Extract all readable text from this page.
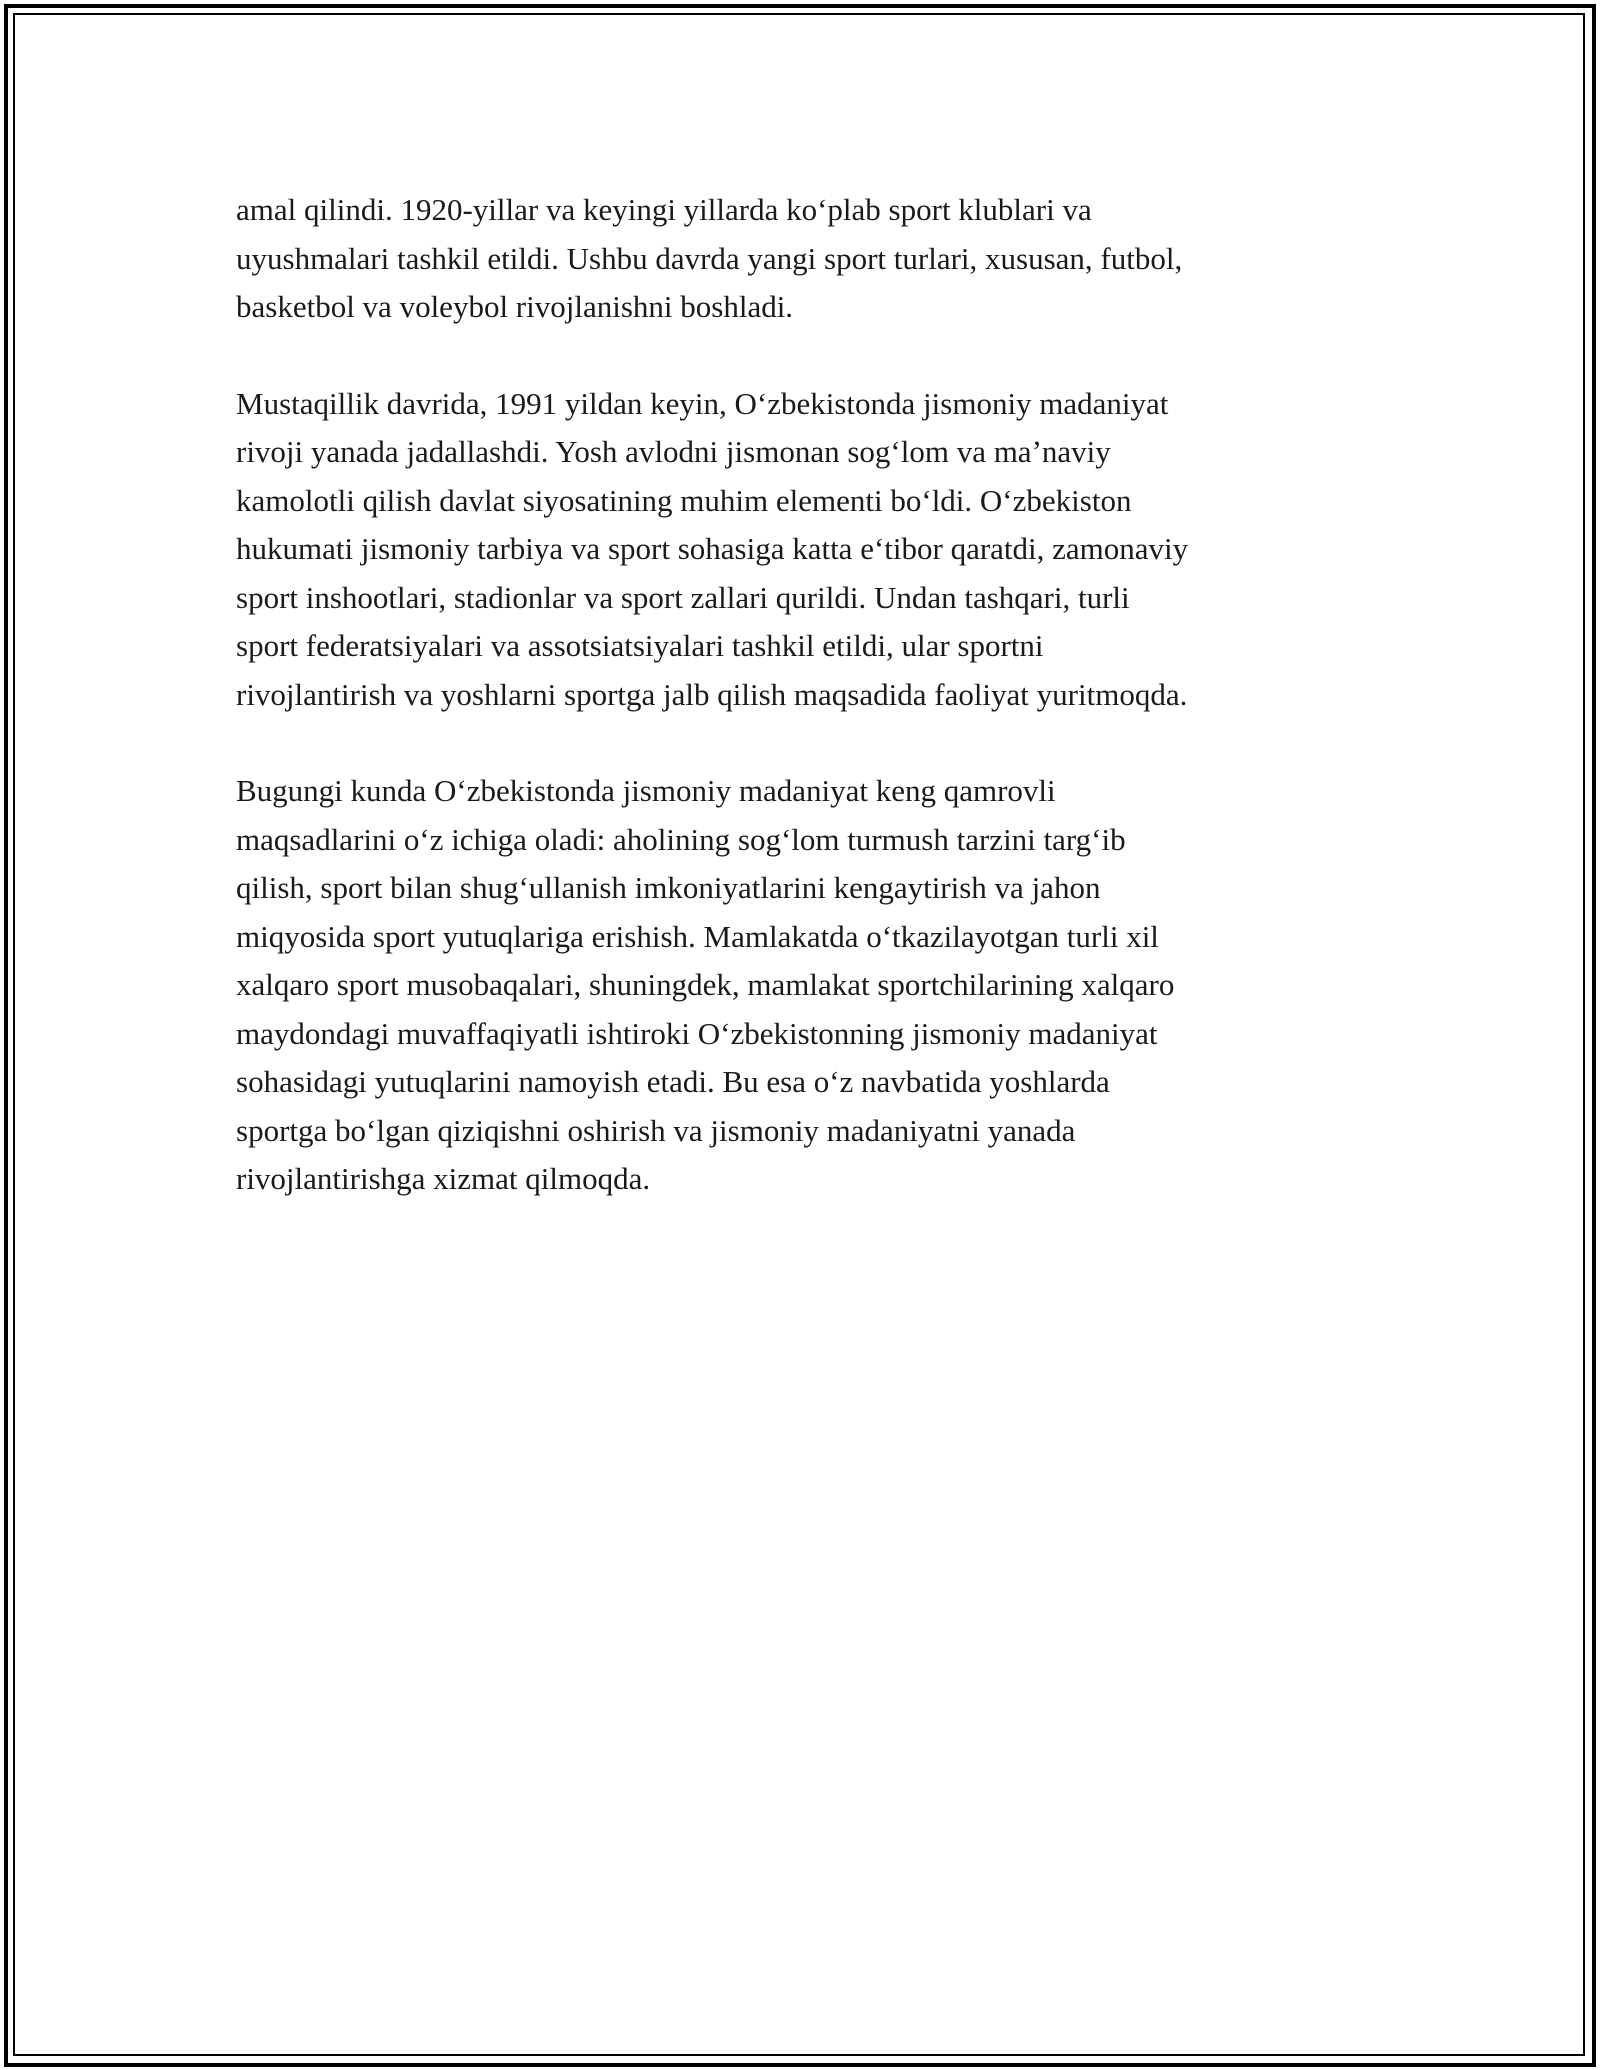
amal qilindi. 1920-yillar va keyingi yillarda koʻplab sport klublari va
uyushmalari tashkil etildi. Ushbu davrda yangi sport turlari, xususan, futbol,
basketbol va voleybol rivojlanishni boshladi.

Mustaqillik davrida, 1991 yildan keyin, Oʻzbekistonda jismoniy madaniyat
rivoji yanada jadallashdi. Yosh avlodni jismonan sogʻlom va maʼnaviy
kamolotli qilish davlat siyosatining muhim elementi boʻldi. Oʻzbekiston
hukumati jismoniy tarbiya va sport sohasiga katta eʻtibor qaratdi, zamonaviy
sport inshootlari, stadionlar va sport zallari qurildi. Undan tashqari, turli
sport federatsiyalari va assotsiatsiyalari tashkil etildi, ular sportni
rivojlantirish va yoshlarni sportga jalb qilish maqsadida faoliyat yuritmoqda.

Bugungi kunda Oʻzbekistonda jismoniy madaniyat keng qamrovli
maqsadlarini oʻz ichiga oladi: aholining sogʻlom turmush tarzini targʻib
qilish, sport bilan shugʻullanish imkoniyatlarini kengaytirish va jahon
miqyosida sport yutuqlariga erishish. Mamlakatda oʻtkazilayotgan turli xil
xalqaro sport musobaqalari, shuningdek, mamlakat sportchilarining xalqaro
maydondagi muvaffaqiyatli ishtiroki Oʻzbekistonning jismoniy madaniyat
sohasidagi yutuqlarini namoyish etadi. Bu esa oʻz navbatida yoshlarda
sportga boʻlgan qiziqishni oshirish va jismoniy madaniyatni yanada
rivojlantirishga xizmat qilmoqda.
